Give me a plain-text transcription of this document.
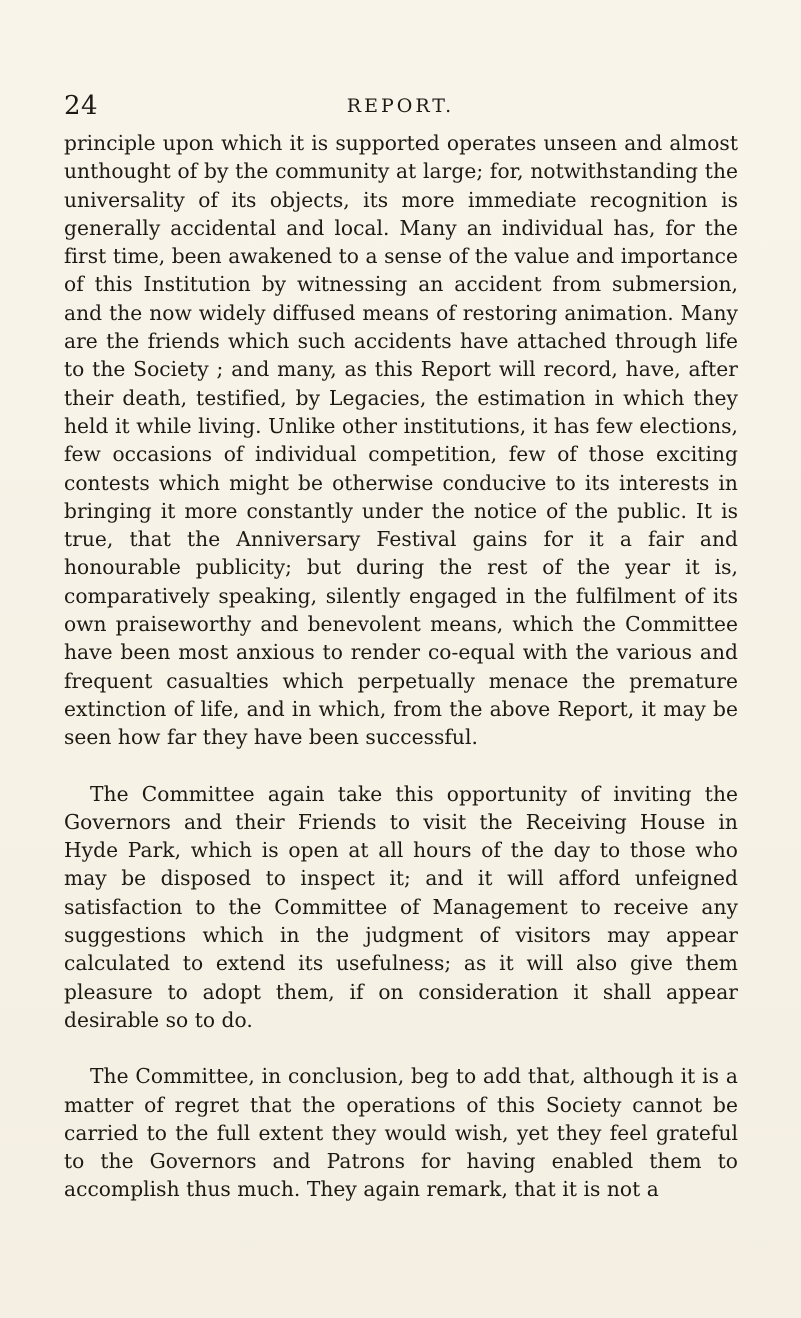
24	REPORT.

principle upon which it is supported operates unseen and almost unthought of by the community at large; for, notwithstanding the universality of its objects, its more immediate recognition is generally accidental and local. Many an individual has, for the first time, been awakened to a sense of the value and importance of this Institution by witnessing an accident from submersion, and the now widely diffused means of restoring animation. Many are the friends which such accidents have attached through life to the Society ; and many, as this Report will record, have, after their death, testified, by Legacies, the estimation in which they held it while living. Unlike other institutions, it has few elections, few occasions of individual competition, few of those exciting contests which might be otherwise conducive to its interests in bringing it more constantly under the notice of the public. It is true, that the Anniversary Festival gains for it a fair and honourable publicity; but during the rest of the year it is, comparatively speaking, silently engaged in the fulfilment of its own praiseworthy and benevolent means, which the Committee have been most anxious to render co-equal with the various and frequent casualties which perpetually menace the premature extinction of life, and in which, from the above Report, it may be seen how far they have been successful.

The Committee again take this opportunity of inviting the Governors and their Friends to visit the Receiving House in Hyde Park, which is open at all hours of the day to those who may be disposed to inspect it; and it will afford unfeigned satisfaction to the Committee of Management to receive any suggestions which in the judgment of visitors may appear calculated to extend its usefulness; as it will also give them pleasure to adopt them, if on consideration it shall appear desirable so to do.

The Committee, in conclusion, beg to add that, although it is a matter of regret that the operations of this Society cannot be carried to the full extent they would wish, yet they feel grateful to the Governors and Patrons for having enabled them to accomplish thus much. They again remark, that it is not a
